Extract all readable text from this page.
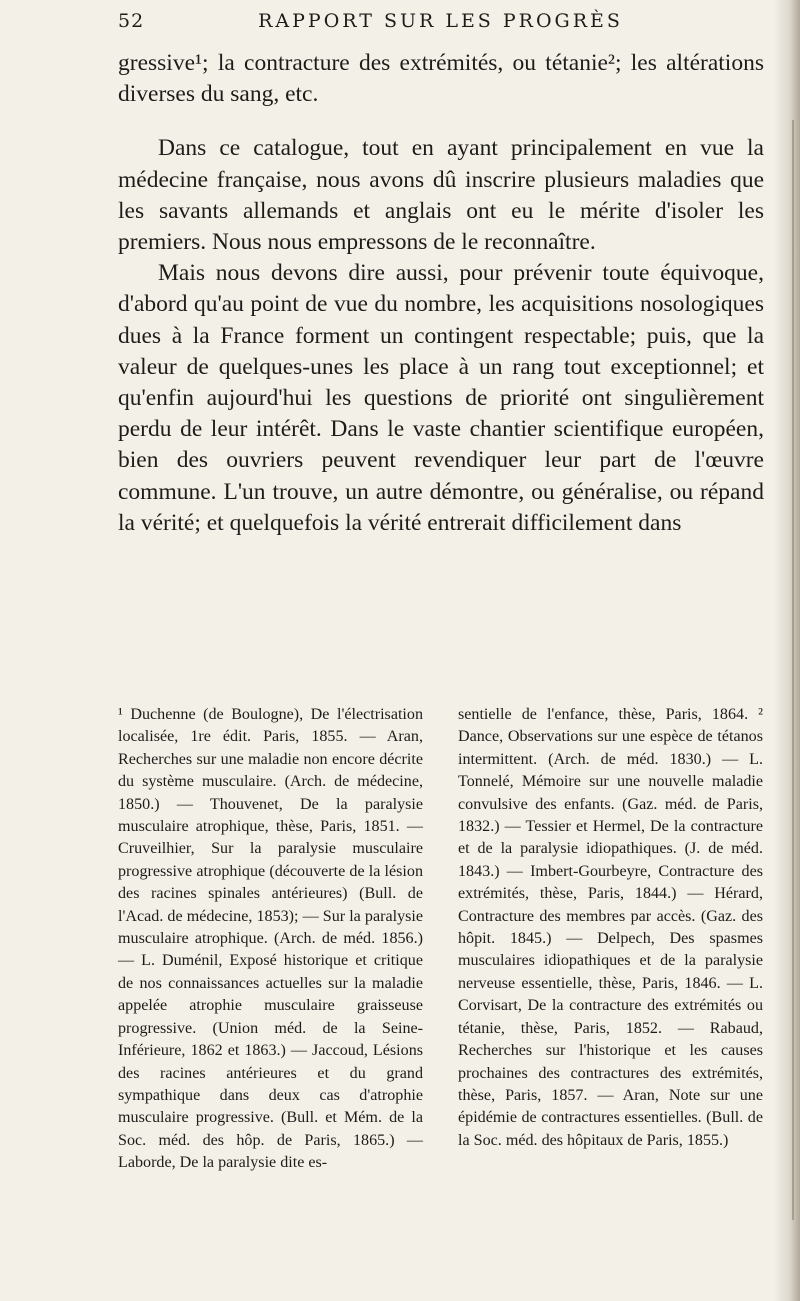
52	RAPPORT SUR LES PROGRÈS

gressive¹; la contracture des extrémités, ou tétanie²; les altérations diverses du sang, etc.

Dans ce catalogue, tout en ayant principalement en vue la médecine française, nous avons dû inscrire plusieurs maladies que les savants allemands et anglais ont eu le mérite d'isoler les premiers. Nous nous empressons de le reconnaître.

Mais nous devons dire aussi, pour prévenir toute équivoque, d'abord qu'au point de vue du nombre, les acquisitions nosologiques dues à la France forment un contingent respectable; puis, que la valeur de quelques-unes les place à un rang tout exceptionnel; et qu'enfin aujourd'hui les questions de priorité ont singulièrement perdu de leur intérêt. Dans le vaste chantier scientifique européen, bien des ouvriers peuvent revendiquer leur part de l'œuvre commune. L'un trouve, un autre démontre, ou généralise, ou répand la vérité; et quelquefois la vérité entrerait difficilement dans

¹ Duchenne (de Boulogne), De l'électrisation localisée, 1re édit. Paris, 1855. — Aran, Recherches sur une maladie non encore décrite du système musculaire. (Arch. de médecine, 1850.) — Thouvenet, De la paralysie musculaire atrophique, thèse, Paris, 1851. — Cruveilhier, Sur la paralysie musculaire progressive atrophique (découverte de la lésion des racines spinales antérieures) (Bull. de l'Acad. de médecine, 1853); — Sur la paralysie musculaire atrophique. (Arch. de méd. 1856.) — L. Duménil, Exposé historique et critique de nos connaissances actuelles sur la maladie appelée atrophie musculaire graisseuse progressive. (Union méd. de la Seine-Inférieure, 1862 et 1863.) — Jaccoud, Lésions des racines antérieures et du grand sympathique dans deux cas d'atrophie musculaire progressive. (Bull. et Mém. de la Soc. méd. des hôp. de Paris, 1865.) — Laborde, De la paralysie dite es-

sentielle de l'enfance, thèse, Paris, 1864. ² Dance, Observations sur une espèce de tétanos intermittent. (Arch. de méd. 1830.) — L. Tonnelé, Mémoire sur une nouvelle maladie convulsive des enfants. (Gaz. méd. de Paris, 1832.) — Tessier et Hermel, De la contracture et de la paralysie idiopathiques. (J. de méd. 1843.) — Imbert-Gourbeyre, Contracture des extrémités, thèse, Paris, 1844.) — Hérard, Contracture des membres par accès. (Gaz. des hôpit. 1845.) — Delpech, Des spasmes musculaires idiopathiques et de la paralysie nerveuse essentielle, thèse, Paris, 1846. — L. Corvisart, De la contracture des extrémités ou tétanie, thèse, Paris, 1852. — Rabaud, Recherches sur l'historique et les causes prochaines des contractures des extrémités, thèse, Paris, 1857. — Aran, Note sur une épidémie de contractures essentielles. (Bull. de la Soc. méd. des hôpitaux de Paris, 1855.)
